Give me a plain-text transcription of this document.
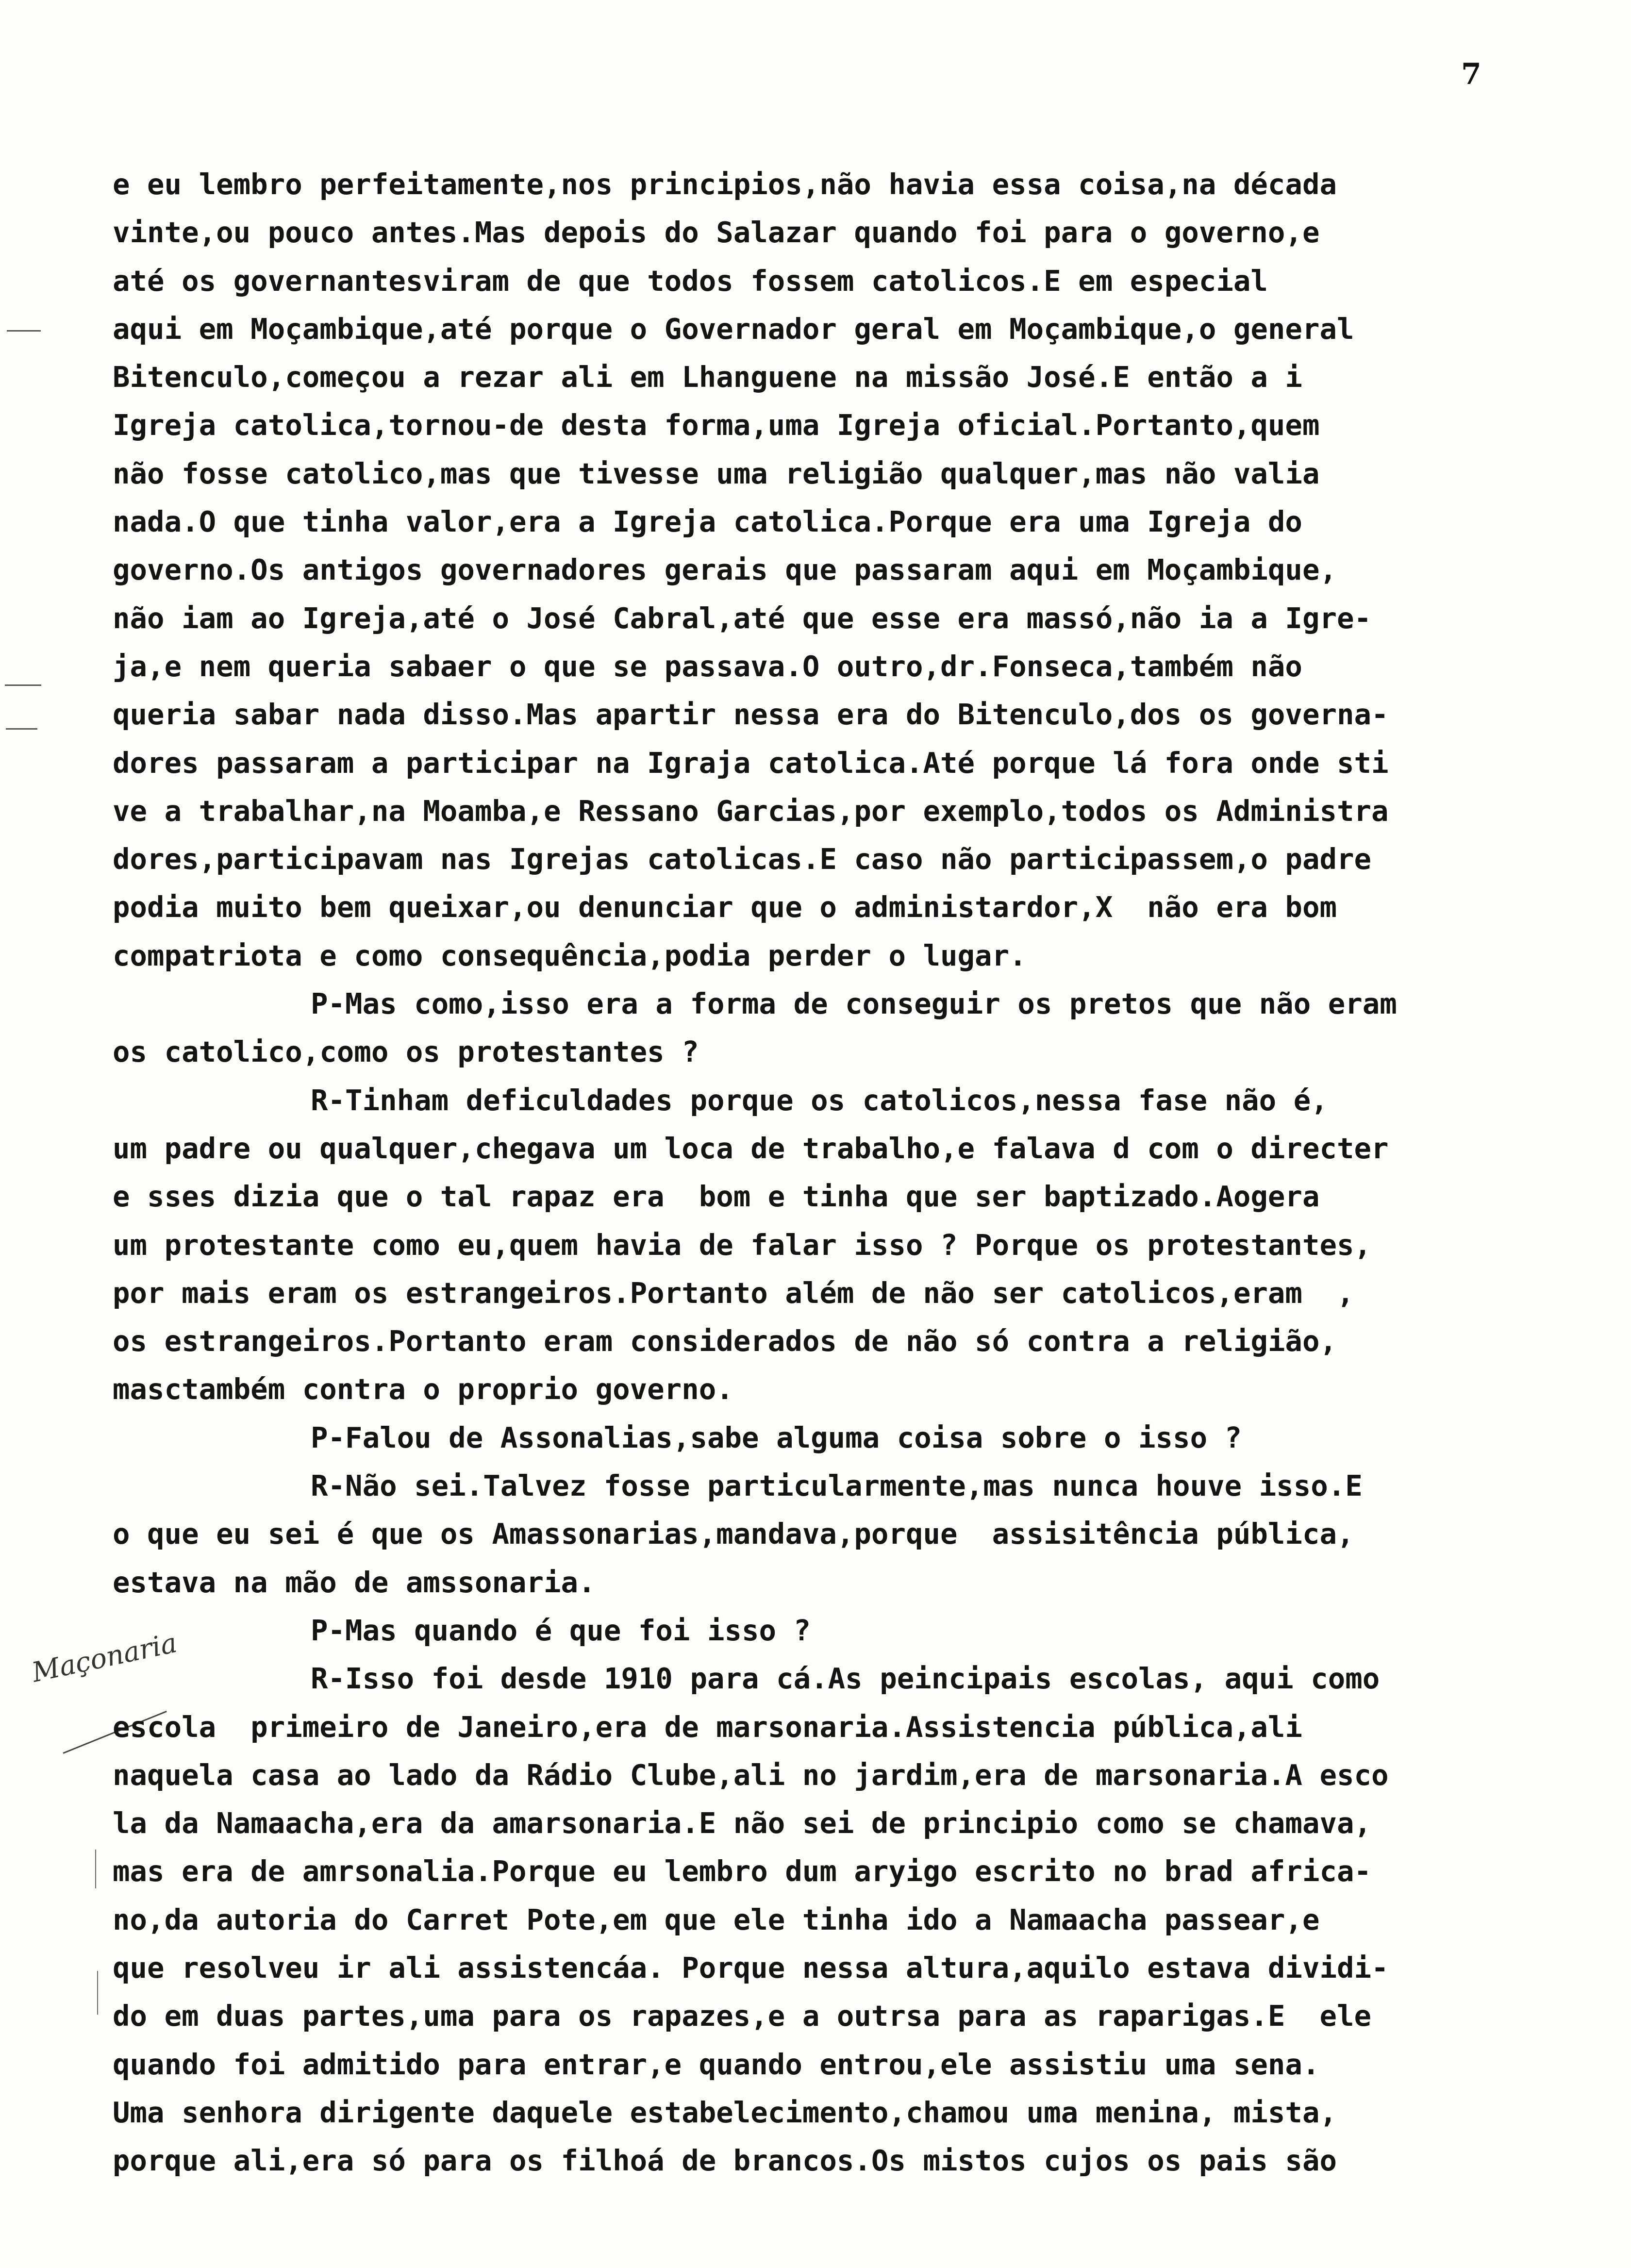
7
Maçonaria
e eu lembro perfeitamente,nos principios,não havia essa coisa,na década
vinte,ou pouco antes.Mas depois do Salazar quando foi para o governo,e
até os governantesviram de que todos fossem catolicos.E em especial
aqui em Moçambique,até porque o Governador geral em Moçambique,o general
Bitenculo,começou a rezar ali em Lhanguene na missão José.E então a i
Igreja catolica,tornou-de desta forma,uma Igreja oficial.Portanto,quem
não fosse catolico,mas que tivesse uma religião qualquer,mas não valia
nada.O que tinha valor,era a Igreja catolica.Porque era uma Igreja do
governo.Os antigos governadores gerais que passaram aqui em Moçambique,
não iam ao Igreja,até o José Cabral,até que esse era massó,não ia a Igre-
ja,e nem queria sabaer o que se passava.O outro,dr.Fonseca,também não
queria sabar nada disso.Mas apartir nessa era do Bitenculo,dos os governa-
dores passaram a participar na Igraja catolica.Até porque lá fora onde sti
ve a trabalhar,na Moamba,e Ressano Garcias,por exemplo,todos os Administra
dores,participavam nas Igrejas catolicas.E caso não participassem,o padre
podia muito bem queixar,ou denunciar que o administardor,X  não era bom
compatriota e como consequência,podia perder o lugar.
P-Mas como,isso era a forma de conseguir os pretos que não eram
os catolico,como os protestantes ?
R-Tinham deficuldades porque os catolicos,nessa fase não é,
um padre ou qualquer,chegava um loca de trabalho,e falava d com o directer
e sses dizia que o tal rapaz era  bom e tinha que ser baptizado.Aogera
um protestante como eu,quem havia de falar isso ? Porque os protestantes,
por mais eram os estrangeiros.Portanto além de não ser catolicos,eram  ,
os estrangeiros.Portanto eram considerados de não só contra a religião,
masctambém contra o proprio governo.
P-Falou de Assonalias,sabe alguma coisa sobre o isso ?
R-Não sei.Talvez fosse particularmente,mas nunca houve isso.E
o que eu sei é que os Amassonarias,mandava,porque  assisitência pública,
estava na mão de amssonaria.
P-Mas quando é que foi isso ?
R-Isso foi desde 1910 para cá.As peincipais escolas, aqui como
escola  primeiro de Janeiro,era de marsonaria.Assistencia pública,ali
naquela casa ao lado da Rádio Clube,ali no jardim,era de marsonaria.A esco
la da Namaacha,era da amarsonaria.E não sei de principio como se chamava,
mas era de amrsonalia.Porque eu lembro dum aryigo escrito no brad africa-
no,da autoria do Carret Pote,em que ele tinha ido a Namaacha passear,e
que resolveu ir ali assistencáa. Porque nessa altura,aquilo estava dividi-
do em duas partes,uma para os rapazes,e a outrsa para as raparigas.E  ele
quando foi admitido para entrar,e quando entrou,ele assistiu uma sena.
Uma senhora dirigente daquele estabelecimento,chamou uma menina, mista,
porque ali,era só para os filhoá de brancos.Os mistos cujos os pais são
